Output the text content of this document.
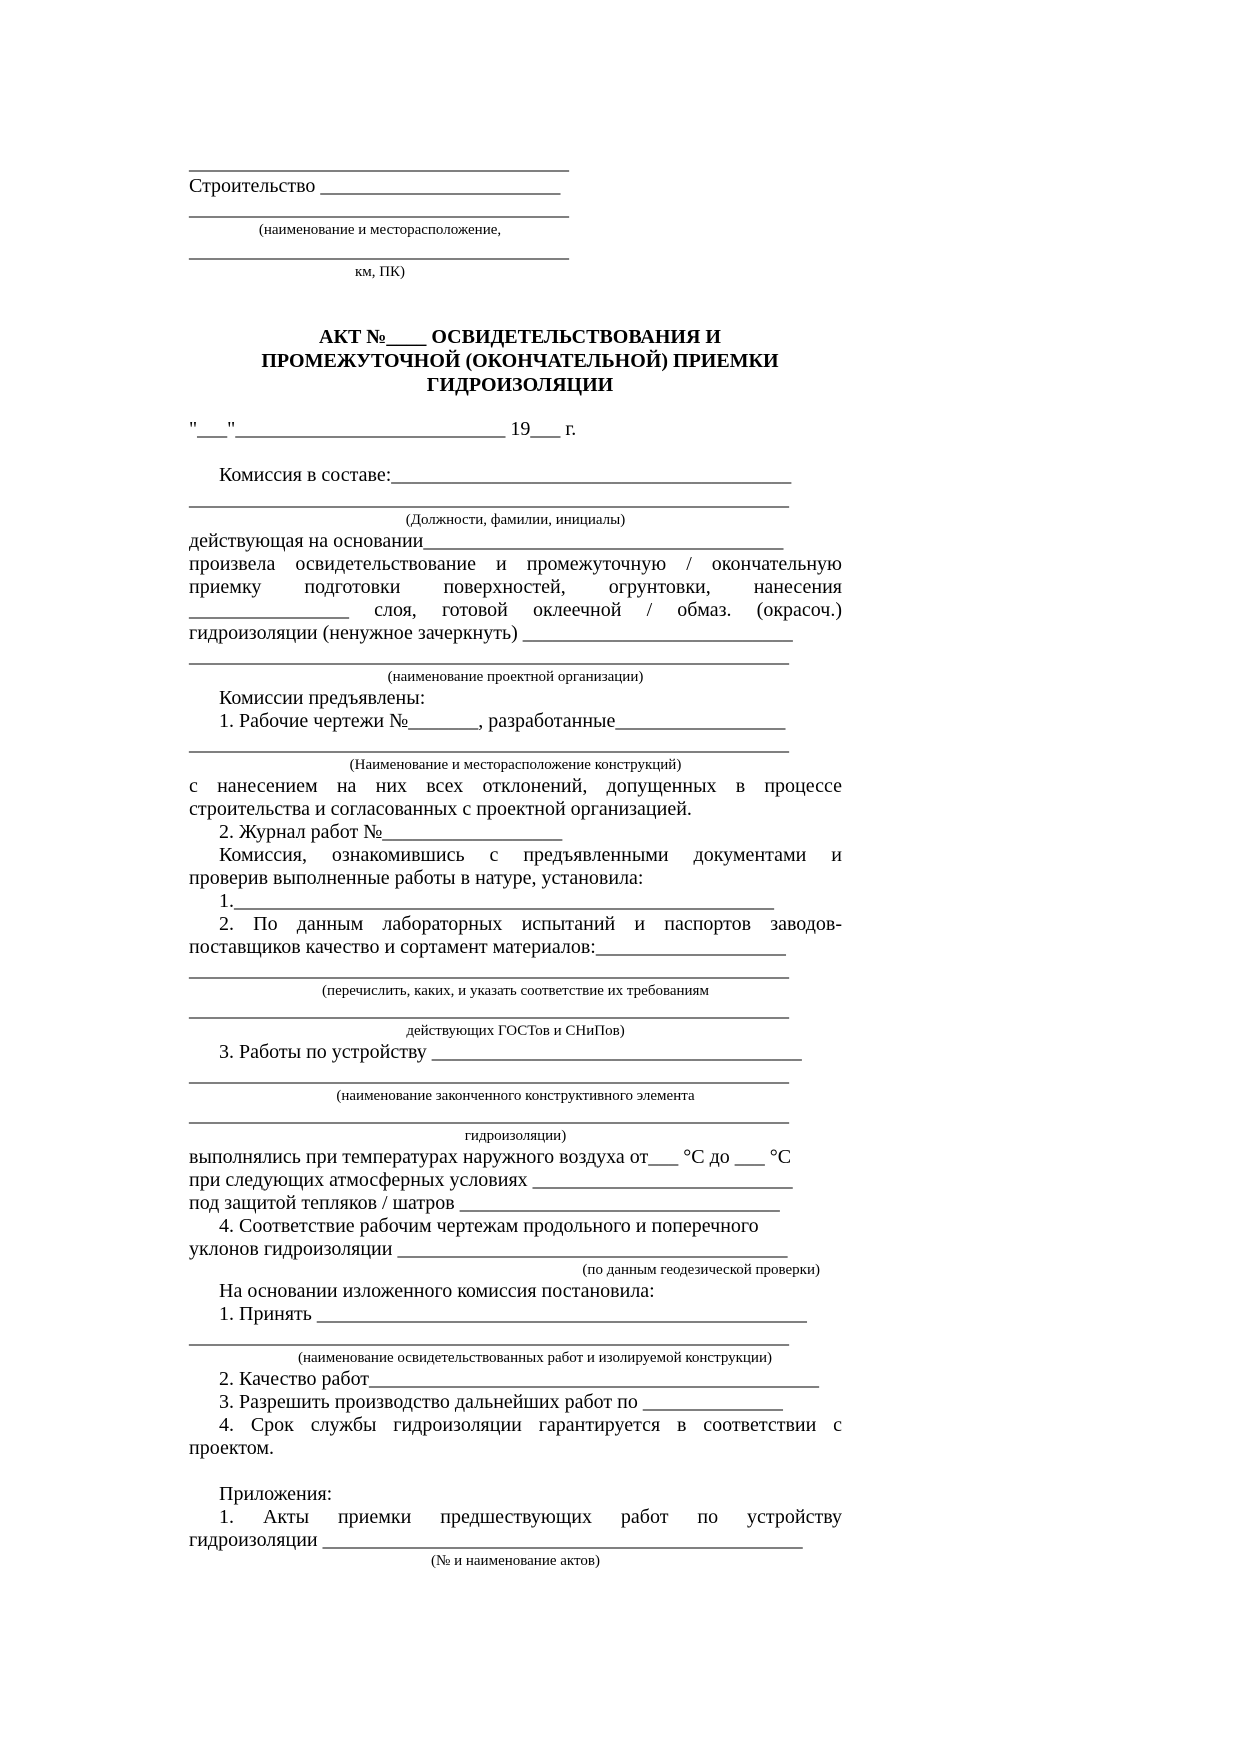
______________________________________
Строительство ________________________
______________________________________
(наименование и месторасположение,
______________________________________
км, ПК)
АКТ №____ ОСВИДЕТЕЛЬСТВОВАНИЯ И
ПРОМЕЖУТОЧНОЙ (ОКОНЧАТЕЛЬНОЙ) ПРИЕМКИ
ГИДРОИЗОЛЯЦИИ
"___"___________________________ 19___ г.
Комиссия в составе:________________________________________
____________________________________________________________
(Должности, фамилии, инициалы)
действующая на основании____________________________________
произвела освидетельствование и промежуточную / окончательную
приемку подготовки поверхностей, огрунтовки, нанесения
________________ слоя, готовой оклеечной / обмаз. (окрасоч.)
гидроизоляции (ненужное зачеркнуть) ___________________________
____________________________________________________________
(наименование проектной организации)
Комиссии предъявлены:
1. Рабочие чертежи №_______, разработанные_________________
____________________________________________________________
(Наименование и месторасположение конструкций)
с нанесением на них всех отклонений, допущенных в процессе
строительства и согласованных с проектной организацией.
2. Журнал работ №__________________
Комиссия, ознакомившись с предъявленными документами и
проверив выполненные работы в натуре, установила:
1.______________________________________________________
2. По данным лабораторных испытаний и паспортов заводов-
поставщиков качество и сортамент материалов:___________________
____________________________________________________________
(перечислить, каких, и указать соответствие их требованиям
____________________________________________________________
действующих ГОСТов и СНиПов)
3. Работы по устройству _____________________________________
____________________________________________________________
(наименование законченного конструктивного элемента
____________________________________________________________
гидроизоляции)
выполнялись при температурах наружного воздуха от___ °С до ___ °С
при следующих атмосферных условиях __________________________
под защитой тепляков / шатров ________________________________
4. Соответствие рабочим чертежам продольного и поперечного
уклонов гидроизоляции _______________________________________
(по данным геодезической проверки)
На основании изложенного комиссия постановила:
1. Принять _________________________________________________
____________________________________________________________
(наименование освидетельствованных работ и изолируемой конструкции)
2. Качество работ_____________________________________________
3. Разрешить производство дальнейших работ по ______________
4. Срок службы гидроизоляции гарантируется в соответствии с
проектом.
Приложения:
1. Акты приемки предшествующих работ по устройству
гидроизоляции ________________________________________________
(№ и наименование актов)
